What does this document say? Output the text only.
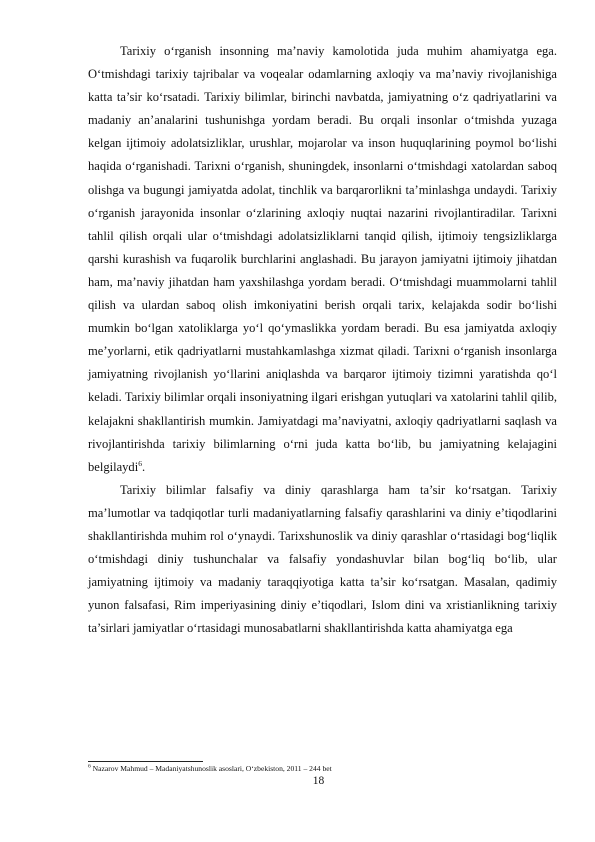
Tarixiy o‘rganish insonning ma’naviy kamolotida juda muhim ahamiyatga ega. O‘tmishdagi tarixiy tajribalar va voqealar odamlarning axloqiy va ma’naviy rivojlanishiga katta ta’sir ko‘rsatadi. Tarixiy bilimlar, birinchi navbatda, jamiyatning o‘z qadriyatlarini va madaniy an’analarini tushunishga yordam beradi. Bu orqali insonlar o‘tmishda yuzaga kelgan ijtimoiy adolatsizliklar, urushlar, mojarolar va inson huquqlarining poymol bo‘lishi haqida o‘rganishadi. Tarixni o‘rganish, shuningdek, insonlarni o‘tmishdagi xatolardan saboq olishga va bugungi jamiyatda adolat, tinchlik va barqarorlikni ta’minlashga undaydi. Tarixiy o‘rganish jarayonida insonlar o‘zlarining axloqiy nuqtai nazarini rivojlantiradilar. Tarixni tahlil qilish orqali ular o‘tmishdagi adolatsizliklarni tanqid qilish, ijtimoiy tengsizliklarga qarshi kurashish va fuqarolik burchlarini anglashadi. Bu jarayon jamiyatni ijtimoiy jihatdan ham, ma’naviy jihatdan ham yaxshilashga yordam beradi. O‘tmishdagi muammolarni tahlil qilish va ulardan saboq olish imkoniyatini berish orqali tarix, kelajakda sodir bo‘lishi mumkin bo‘lgan xatoliklarga yo‘l qo‘ymaslikka yordam beradi. Bu esa jamiyatda axloqiy me’yorlarni, etik qadriyatlarni mustahkamlashga xizmat qiladi. Tarixni o‘rganish insonlarga jamiyatning rivojlanish yo‘llarini aniqlashda va barqaror ijtimoiy tizimni yaratishda qo‘l keladi. Tarixiy bilimlar orqali insoniyatning ilgari erishgan yutuqlari va xatolarini tahlil qilib, kelajakni shakllantirish mumkin. Jamiyatdagi ma’naviyatni, axloqiy qadriyatlarni saqlash va rivojlantirishda tarixiy bilimlarning o‘rni juda katta bo‘lib, bu jamiyatning kelajagini belgilaydi$^6$.

Tarixiy bilimlar falsafiy va diniy qarashlarga ham ta’sir ko‘rsatgan. Tarixiy ma’lumotlar va tadqiqotlar turli madaniyatlarning falsafiy qarashlarini va diniy e’tiqodlarini shakllantirishda muhim rol o‘ynaydi. Tarixshunoslik va diniy qarashlar o‘rtasidagi bog‘liqlik o‘tmishdagi diniy tushunchalar va falsafiy yondashuvlar bilan bog‘liq bo‘lib, ular jamiyatning ijtimoiy va madaniy taraqqiyotiga katta ta’sir ko‘rsatgan. Masalan, qadimiy yunon falsafasi, Rim imperiyasining diniy e’tiqodlari, Islom dini va xristianlikning tarixiy ta’sirlari jamiyatlar o‘rtasidagi munosabatlarni shakllantirishda katta ahamiyatga ega

$^6$ Nazarov Mahmud – Madaniyatshunoslik asoslari, O‘zbekiston, 2011 – 244 bet
18
